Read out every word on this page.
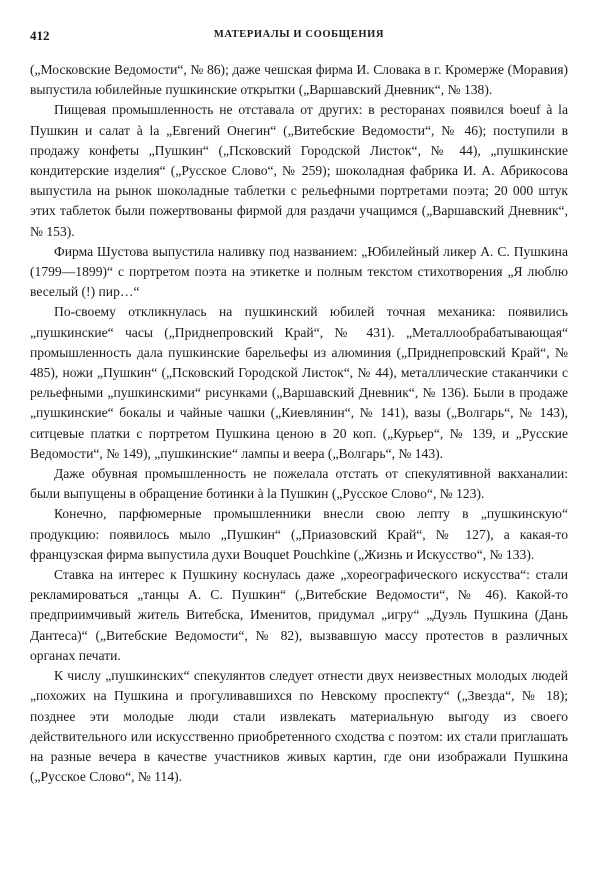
412	МАТЕРИАЛЫ И СООБЩЕНИЯ

(„Московские Ведомости“, № 86); даже чешская фирма И. Словака в г. Кромерже (Моравия) выпустила юбилейные пушкинские открытки („Варшавский Дневник“, № 138).

Пищевая промышленность не отставала от других: в ресторанах появился boeuf à la Пушкин и салат à la „Евгений Онегин“ („Витебские Ведомости“, № 46); поступили в продажу конфеты „Пушкин“ („Псковский Городской Листок“, № 44), „пушкинские кондитерские изделия“ („Русское Слово“, № 259); шоколадная фабрика И. А. Абрикосова выпустила на рынок шоколадные таблетки с рельефными портретами поэта; 20 000 штук этих таблеток были пожертвованы фирмой для раздачи учащимся („Варшавский Дневник“, № 153).

Фирма Шустова выпустила наливку под названием: „Юбилейный ликер А. С. Пушкина (1799—1899)“ с портретом поэта на этикетке и полным текстом стихотворения „Я люблю веселый (!) пир…“

По-своему откликнулась на пушкинский юбилей точная механика: появились „пушкинские“ часы („Приднепровский Край“, № 431). „Металлообрабатывающая“ промышленность дала пушкинские барельефы из алюминия („Приднепровский Край“, № 485), ножи „Пушкин“ („Псковский Городской Листок“, № 44), металлические стаканчики с рельефными „пушкинскими“ рисунками („Варшавский Дневник“, № 136). Были в продаже „пушкинские“ бокалы и чайные чашки („Киевлянин“, № 141), вазы („Волгарь“, № 143), ситцевые платки с портретом Пушкина ценою в 20 коп. („Курьер“, № 139, и „Русские Ведомости“, № 149), „пушкинские“ лампы и веера („Волгарь“, № 143).

Даже обувная промышленность не пожелала отстать от спекулятивной вакханалии: были выпущены в обращение ботинки à la Пушкин („Русское Слово“, № 123).

Конечно, парфюмерные промышленники внесли свою лепту в „пушкинскую“ продукцию: появилось мыло „Пушкин“ („Приазовский Край“, № 127), а какая-то французская фирма выпустила духи Bouquet Pouchkine („Жизнь и Искусство“, № 133).

Ставка на интерес к Пушкину коснулась даже „хореографического искусства“: стали рекламироваться „танцы А. С. Пушкин“ („Витебские Ведомости“, № 46). Какой-то предприимчивый житель Витебска, Именитов, придумал „игру“ „Дуэль Пушкина (Дань Дантеса)“ („Витебские Ведомости“, № 82), вызвавшую массу протестов в различных органах печати.

К числу „пушкинских“ спекулянтов следует отнести двух неизвестных молодых людей „похожих на Пушкина и прогуливавшихся по Невскому проспекту“ („Звезда“, № 18); позднее эти молодые люди стали извлекать материальную выгоду из своего действительного или искусственно приобретенного сходства с поэтом: их стали приглашать на разные вечера в качестве участников живых картин, где они изображали Пушкина („Русское Слово“, № 114).
